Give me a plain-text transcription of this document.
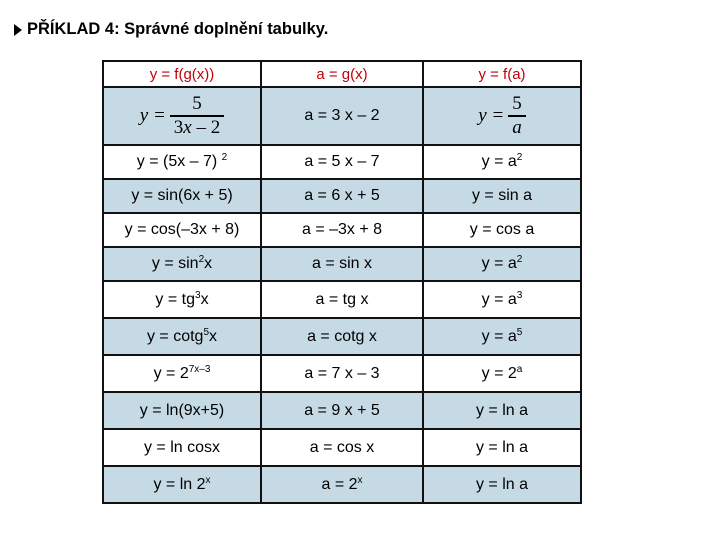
PŘÍKLAD 4: Správné doplnění tabulky.
y = f(g(x))	a = g(x)	y = f(a)

$y = \frac{5}{3x - 2}$	a = 3 x – 2	$y = \frac{5}{a}$

y = (5x – 7) $^2$	a = 5 x – 7	$y = a^2$
y = sin(6x + 5)	a = 6 x + 5	y = sin a
y = cos(–3x + 8)	a = –3x + 8	y = cos a
$y = \sin^2x$	a = sin x	$y = a^2$
$y = tg^3x$	a = tg x	$y = a^3$
y = cotg$^5$x	a = cotg x	$y = a^5$
$y = 2^{7x-3}$	a = 7 x – 3	$y = 2^a$
y = ln(9x+5)	a = 9 x + 5	y = ln a
y = ln cosx	a = cos x	y = ln a
y = ln 2$^x$	$a = 2^x$	y = ln a
